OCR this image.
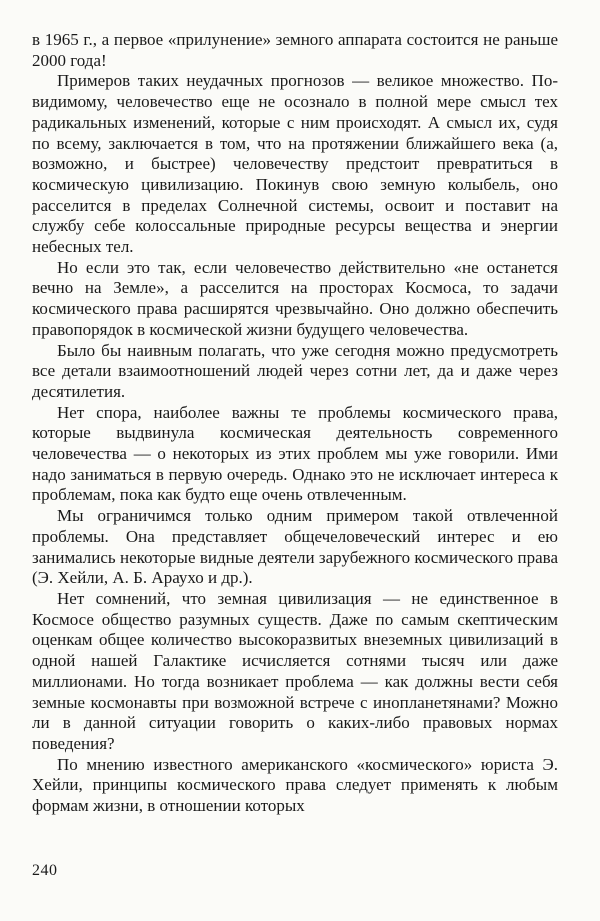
в 1965 г., а первое «прилунение» земного аппарата состоится не раньше 2000 года!

Примеров таких неудачных прогнозов — великое множество. По-видимому, человечество еще не осознало в полной мере смысл тех радикальных изменений, которые с ним происходят. А смысл их, судя по всему, заключается в том, что на протяжении ближайшего века (а, возможно, и быстрее) человечеству предстоит превратиться в космическую цивилизацию. Покинув свою земную колыбель, оно расселится в пределах Солнечной системы, освоит и поставит на службу себе колоссальные природные ресурсы вещества и энергии небесных тел.

Но если это так, если человечество действительно «не останется вечно на Земле», а расселится на просторах Космоса, то задачи космического права расширятся чрезвычайно. Оно должно обеспечить правопорядок в космической жизни будущего человечества.

Было бы наивным полагать, что уже сегодня можно предусмотреть все детали взаимоотношений людей через сотни лет, да и даже через десятилетия.

Нет спора, наиболее важны те проблемы космического права, которые выдвинула космическая деятельность современного человечества — о некоторых из этих проблем мы уже говорили. Ими надо заниматься в первую очередь. Однако это не исключает интереса к проблемам, пока как будто еще очень отвлеченным.

Мы ограничимся только одним примером такой отвлеченной проблемы. Она представляет общечеловеческий интерес и ею занимались некоторые видные деятели зарубежного космического права (Э. Хейли, А. Б. Араухо и др.).

Нет сомнений, что земная цивилизация — не единственное в Космосе общество разумных существ. Даже по самым скептическим оценкам общее количество высокоразвитых внеземных цивилизаций в одной нашей Галактике исчисляется сотнями тысяч или даже миллионами. Но тогда возникает проблема — как должны вести себя земные космонавты при возможной встрече с инопланетянами? Можно ли в данной ситуации говорить о каких-либо правовых нормах поведения?

По мнению известного американского «космического» юриста Э. Хейли, принципы космического права следует применять к любым формам жизни, в отношении которых

240
